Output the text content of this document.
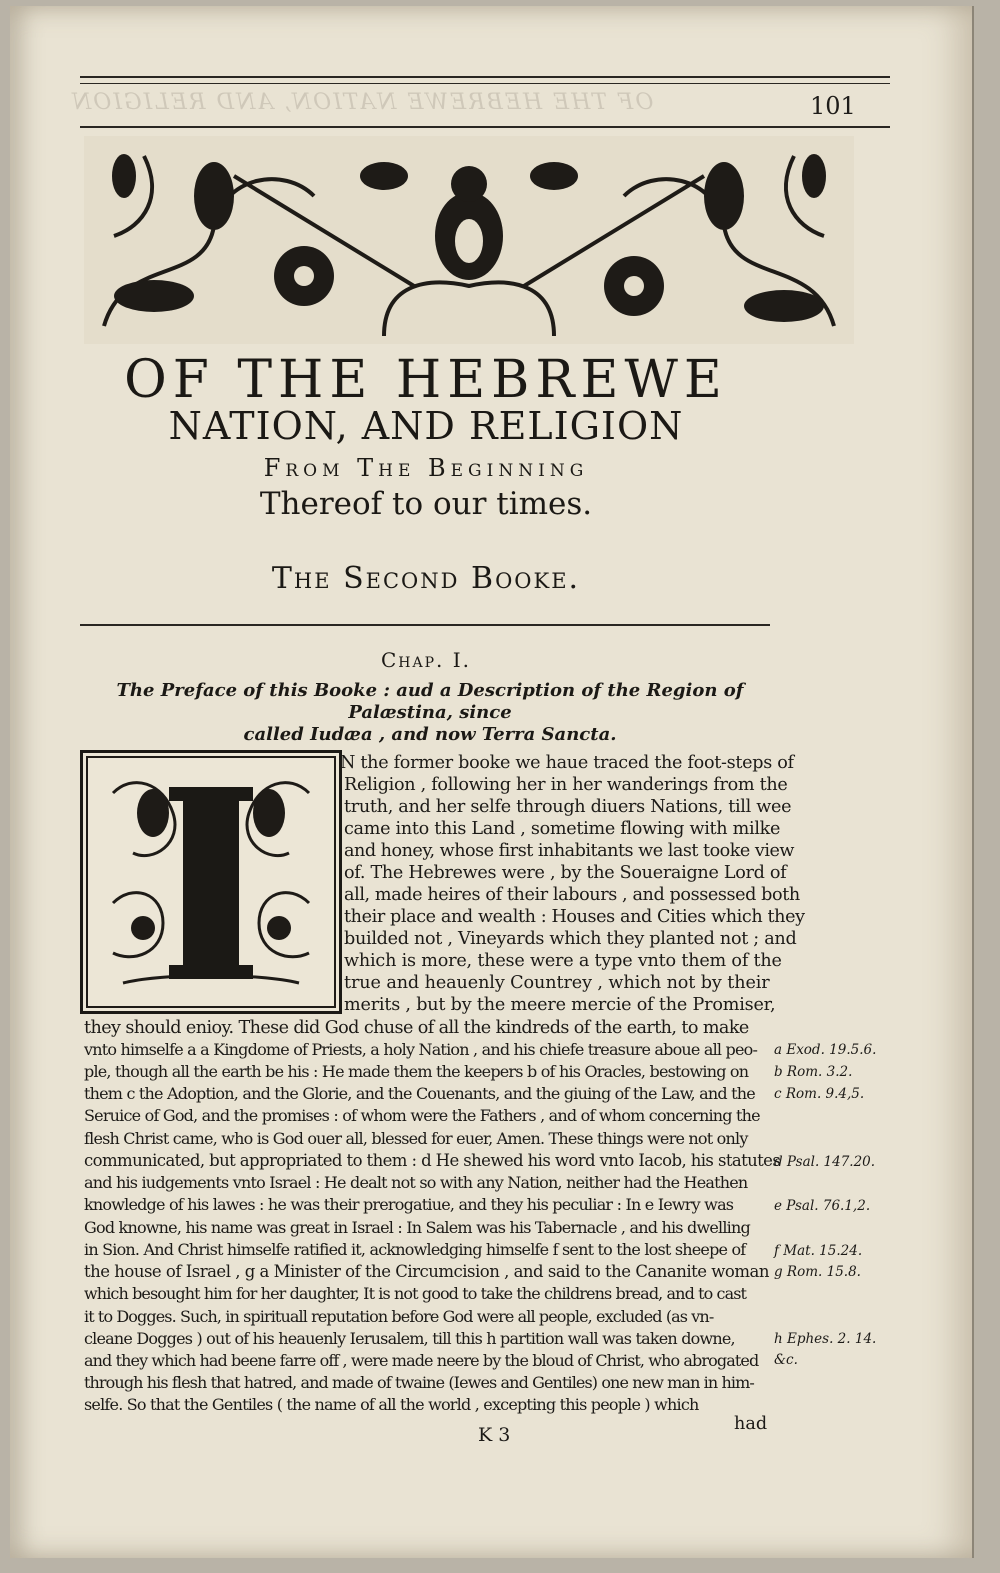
OF THE HEBREWE NATION, AND RELIGION	101
OF THE HEBREWE
NATION, AND RELIGION
From The Beginning
Thereof to our times.
The Second Booke.
Chap. I.
The Preface of this Booke : aud a Description of the Region of Palæstina, since
called Iudæa , and now Terra Sancta.
I
N the former booke we haue traced the foot-steps of
Religion , following her in her wanderings from the
truth, and her selfe through diuers Nations, till wee
came into this Land , sometime flowing with milke
and honey, whose first inhabitants we last tooke view
of. The Hebrewes were , by the Soueraigne Lord of
all, made heires of their labours , and possessed both
their place and wealth : Houses and Cities which they
builded not , Vineyards which they planted not ; and
which is more, these were a type vnto them of the
true and heauenly Countrey , which not by their
merits , but by the meere mercie of the Promiser,
they should enioy. These did God chuse of all the kindreds of the earth, to make
vnto himselfe a a Kingdome of Priests, a holy Nation , and his chiefe treasure aboue all peo-
ple, though all the earth be his : He made them the keepers b of his Oracles, bestowing on
them c the Adoption, and the Glorie, and the Couenants, and the giuing of the Law, and the
Seruice of God, and the promises : of whom were the Fathers , and of whom concerning the
flesh Christ came, who is God ouer all, blessed for euer, Amen. These things were not only
communicated, but appropriated to them : d He shewed his word vnto Iacob, his statutes
and his iudgements vnto Israel : He dealt not so with any Nation, neither had the Heathen
knowledge of his lawes : he was their prerogatiue, and they his peculiar : In e Iewry was
God knowne, his name was great in Israel : In Salem was his Tabernacle , and his dwelling
in Sion. And Christ himselfe ratified it, acknowledging himselfe f sent to the lost sheepe of
the house of Israel , g a Minister of the Circumcision , and said to the Cananite woman
which besought him for her daughter, It is not good to take the childrens bread, and to cast
it to Dogges. Such, in spirituall reputation before God were all people, excluded (as vn-
cleane Dogges ) out of his heauenly Ierusalem, till this h partition wall was taken downe,
and they which had beene farre off , were made neere by the bloud of Christ, who abrogated
through his flesh that hatred, and made of twaine (Iewes and Gentiles) one new man in him-
selfe. So that the Gentiles ( the name of all the world , excepting this people ) which
had
K 3
a Exod. 19.5.6.
b Rom. 3.2.
c Rom. 9.4,5.
d Psal. 147.20.
e Psal. 76.1,2.
f Mat. 15.24.
g Rom. 15.8.
h Ephes. 2. 14.
&c.
